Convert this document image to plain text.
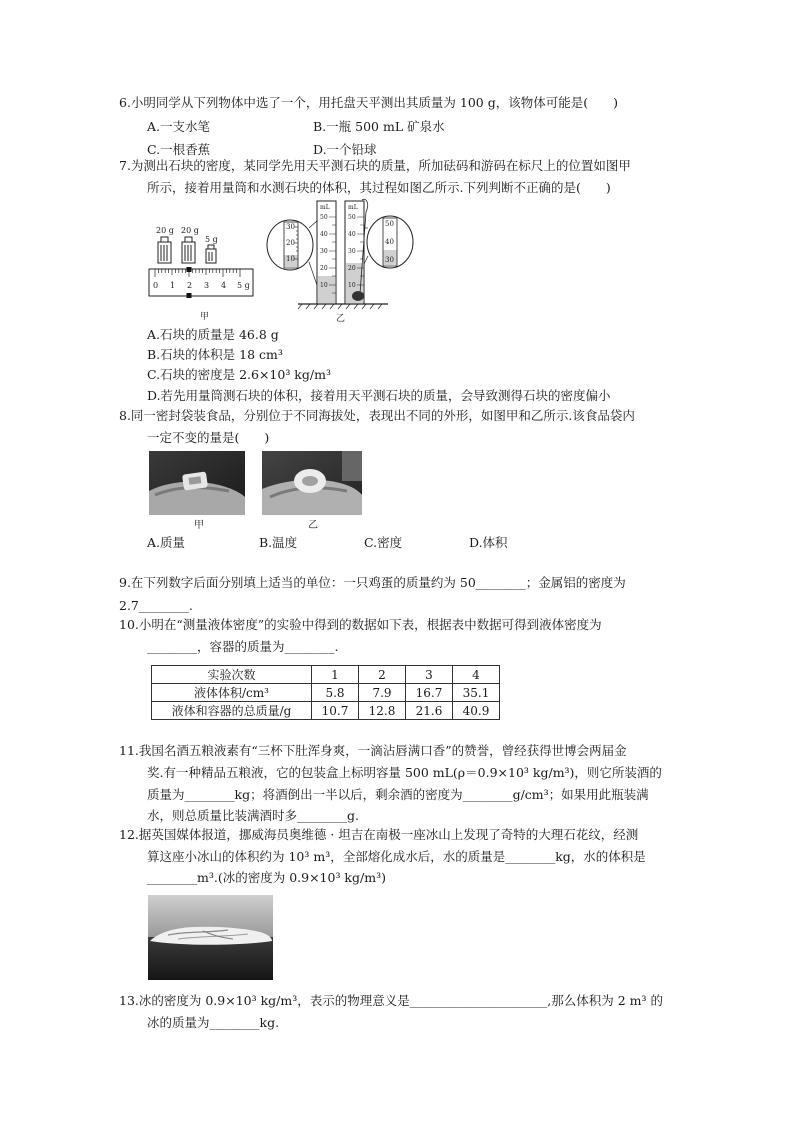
6.小明同学从下列物体中选了一个，用托盘天平测出其质量为 100 g，该物体可能是(　　)
A.一支水笔	B.一瓶 500 mL 矿泉水
C.一根香蕉	D.一个铅球
7.为测出石块的密度，某同学先用天平测石块的质量，所加砝码和游码在标尺上的位置如图甲
所示，接着用量筒和水测石块的体积，其过程如图乙所示.下列判断不正确的是(　　)
20 g 20 g
5 g
0 1 2 3 4 5 g
甲
30
20
10
mL
50
40
30
20
10
mL
50
40
30
20
10
50
40
30
乙
A.石块的质量是 46.8 g
B.石块的体积是 18 cm³
C.石块的密度是 2.6×10³ kg/m³
D.若先用量筒测石块的体积，接着用天平测石块的质量，会导致测得石块的密度偏小
8.同一密封袋装食品，分别位于不同海拔处，表现出不同的外形，如图甲和乙所示.该食品袋内
一定不变的量是(　　)
甲	乙
A.质量	B.温度	C.密度	D.体积
9.在下列数字后面分别填上适当的单位：一只鸡蛋的质量约为 50________；金属铝的密度为
2.7________.
10.小明在“测量液体密度”的实验中得到的数据如下表，根据表中数据可得到液体密度为
________，容器的质量为________.
实验次数	1	2	3	4
液体体积/cm³	5.8	7.9	16.7	35.1
液体和容器的总质量/g	10.7	12.8	21.6	40.9
11.我国名酒五粮液素有“三杯下肚浑身爽，一滴沾唇满口香”的赞誉，曾经获得世博会两届金
奖.有一种精品五粮液，它的包装盒上标明容量 500 mL(ρ＝0.9×10³ kg/m³)，则它所装酒的
质量为________kg；将酒倒出一半以后，剩余酒的密度为________g/cm³；如果用此瓶装满
水，则总质量比装满酒时多________g.
12.据英国媒体报道，挪威海员奥维德 · 坦吉在南极一座冰山上发现了奇特的大理石花纹，经测
算这座小冰山的体积约为 10³ m³，全部熔化成水后，水的质量是________kg，水的体积是
________m³.(冰的密度为 0.9×10³ kg/m³)
13.冰的密度为 0.9×10³ kg/m³，表示的物理意义是______________________,那么体积为 2 m³ 的
冰的质量为________kg.
